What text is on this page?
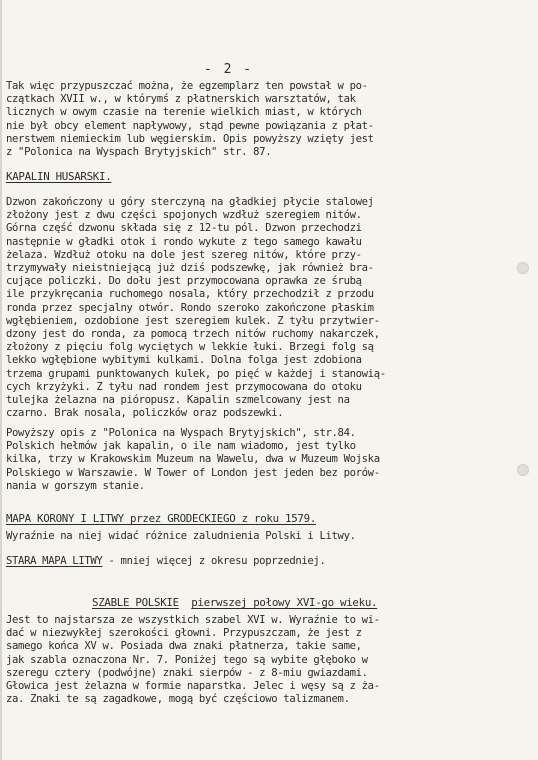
- 2 -
Tak więc przypuszczać można, że egzemplarz ten powstał w po-
czątkach XVII w., w którymś z płatnerskich warsztatów, tak
licznych w owym czasie na terenie wielkich miast, w których
nie był obcy element napływowy, stąd pewne powiązania z płat-
nerstwem niemieckim lub węgierskim. Opis powyższy wzięty jest
z "Polonica na Wyspach Brytyjskich" str. 87.
KAPALIN HUSARSKI.
Dzwon zakończony u góry sterczyną na gładkiej płycie stalowej
złożony jest z dwu części spojonych wzdłuż szeregiem nitów.
Górna część dzwonu składa się z 12-tu pól. Dzwon przechodzi
następnie w gładki otok i rondo wykute z tego samego kawału
żelaza. Wzdłuż otoku na dole jest szereg nitów, które przy-
trzymywały nieistniejącą już dziś podszewkę, jak również bra-
cujące policzki. Do dołu jest przymocowana oprawka ze śrubą
ile przykręcania ruchomego nosala, który przechodził z przodu
ronda przez specjalny otwór. Rondo szeroko zakończone płaskim
wgłębieniem, ozdobione jest szeregiem kulek. Z tyłu przytwier-
dzony jest do ronda, za pomocą trzech nitów ruchomy nakarczek,
złożony z pięciu folg wyciętych w lekkie łuki. Brzegi folg są
lekko wgłębione wybitymi kulkami. Dolna folga jest zdobiona
trzema grupami punktowanych kulek, po pięć w każdej i stanowią-
cych krzyżyki. Z tyłu nad rondem jest przymocowana do otoku
tulejka żelazna na pióropusz. Kapalin szmelcowany jest na
czarno. Brak nosala, policzków oraz podszewki.
Powyższy opis z "Polonica na Wyspach Brytyjskich", str.84.
Polskich hełmów jak kapalin, o ile nam wiadomo, jest tylko
kilka, trzy w Krakowskim Muzeum na Wawelu, dwa w Muzeum Wojska
Polskiego w Warszawie. W Tower of London jest jeden bez porów-
nania w gorszym stanie.
MAPA KORONY I LITWY przez GRODECKIEGO z roku 1579.
Wyraźnie na niej widać różnice zaludnienia Polski i Litwy.
STARA MAPA LITWY - mniej więcej z okresu poprzedniej.
SZABLE POLSKIE pierwszej połowy XVI-go wieku.
Jest to najstarsza ze wszystkich szabel XVI w. Wyraźnie to wi-
dać w niezwykłej szerokości głowni. Przypuszczam, że jest z
samego końca XV w. Posiada dwa znaki płatnerza, takie same,
jak szabla oznaczona Nr. 7. Poniżej tego są wybite głęboko w
szeregu cztery (podwójne) znaki sierpów - z 8-miu gwiazdami.
Głowica jest żelazna w formie naparstka. Jelec i węsy są z ża-
za. Znaki te są zagadkowe, mogą być częściowo talizmanem.
